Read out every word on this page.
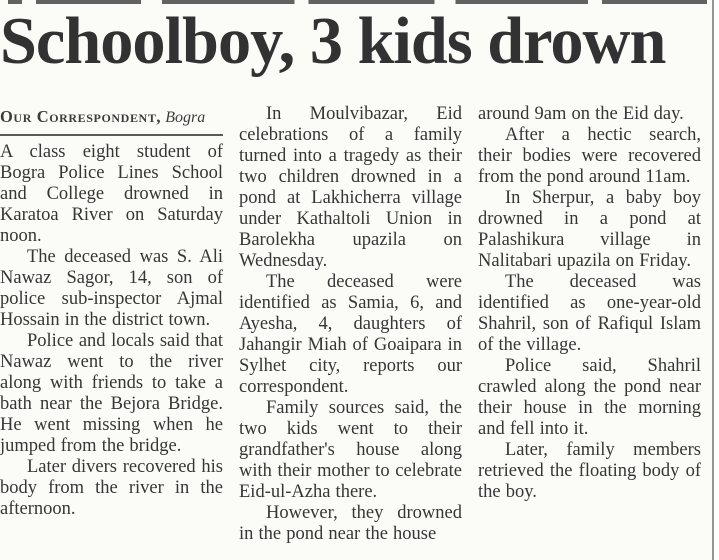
Schoolboy, 3 kids drown
Our Correspondent, Bogra

A class eight student of Bogra Police Lines School and College drowned in Karatoa River on Saturday noon.

The deceased was S. Ali Nawaz Sagor, 14, son of police sub-inspector Ajmal Hossain in the district town.

Police and locals said that Nawaz went to the river along with friends to take a bath near the Bejora Bridge. He went missing when he jumped from the bridge.

Later divers recovered his body from the river in the afternoon.

In Moulvibazar, Eid celebrations of a family turned into a tragedy as their two children drowned in a pond at Lakhicherra village under Kathaltoli Union in Barolekha upazila on Wednesday.

The deceased were identified as Samia, 6, and Ayesha, 4, daughters of Jahangir Miah of Goaipara in Sylhet city, reports our correspondent.

Family sources said, the two kids went to their grandfather's house along with their mother to celebrate Eid-ul-Azha there.

However, they drowned in the pond near the house

around 9am on the Eid day.

After a hectic search, their bodies were recovered from the pond around 11am.

In Sherpur, a baby boy drowned in a pond at Palashikura village in Nalitabari upazila on Friday.

The deceased was identified as one-year-old Shahril, son of Rafiqul Islam of the village.

Police said, Shahril crawled along the pond near their house in the morning and fell into it.

Later, family members retrieved the floating body of the boy.
